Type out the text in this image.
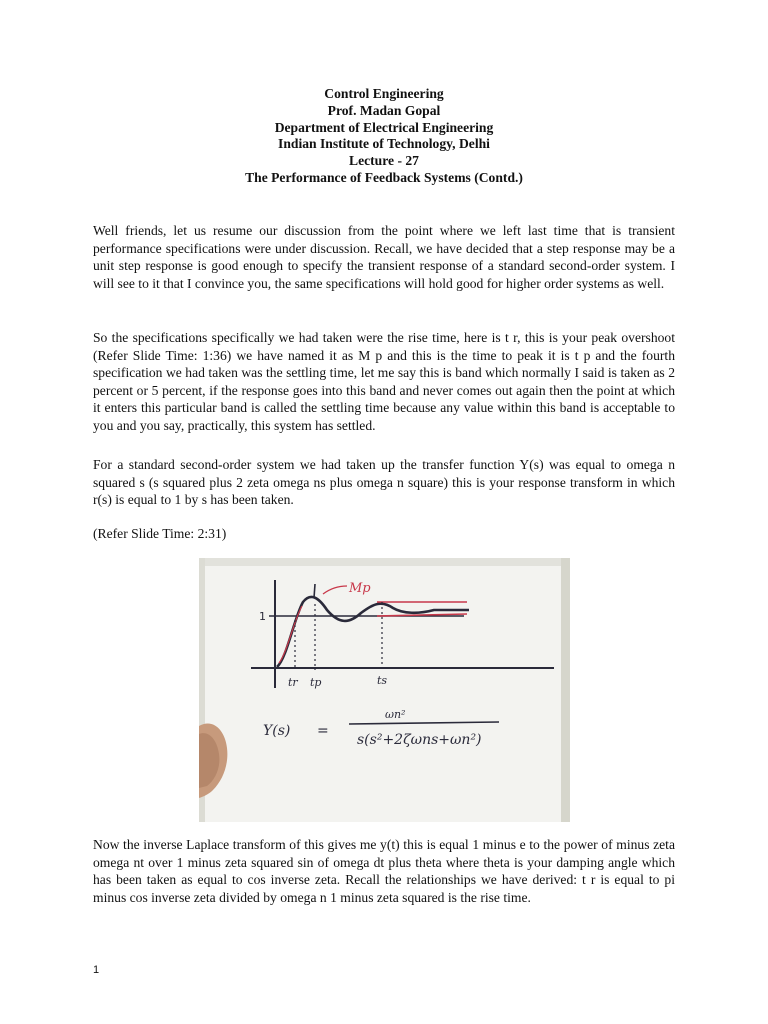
Control Engineering
Prof. Madan Gopal
Department of Electrical Engineering
Indian Institute of Technology, Delhi
Lecture - 27
The Performance of Feedback Systems (Contd.)

Well friends, let us resume our discussion from the point where we left last time that is transient performance specifications were under discussion. Recall, we have decided that a step response may be a unit step response is good enough to specify the transient response of a standard second-order system. I will see to it that I convince you, the same specifications will hold good for higher order systems as well.

So the specifications specifically we had taken were the rise time, here is t r, this is your peak overshoot (Refer Slide Time: 1:36) we have named it as M p and this is the time to peak it is t p and the fourth specification we had taken was the settling time, let me say this is band which normally I said is taken as 2 percent or 5 percent, if the response goes into this band and never comes out again then the point at which it enters this particular band is called the settling time because any value within this band is acceptable to you and you say, practically, this system has settled.

For a standard second-order system we had taken up the transfer function Y(s) was equal to omega n squared s (s squared plus 2 zeta omega ns plus omega n square) this is your response transform in which r(s) is equal to 1 by s has been taken.

(Refer Slide Time: 2:31)

1
Mp
tr tp	ts
Y(s) =
ωn²
s(s²+2ζωns+ωn²)

Now the inverse Laplace transform of this gives me y(t) this is equal 1 minus e to the power of minus zeta omega nt over 1 minus zeta squared sin of omega dt plus theta where theta is your damping angle which has been taken as equal to cos inverse zeta. Recall the relationships we have derived: t r is equal to pi minus cos inverse zeta divided by omega n 1 minus zeta squared is the rise time.

1
